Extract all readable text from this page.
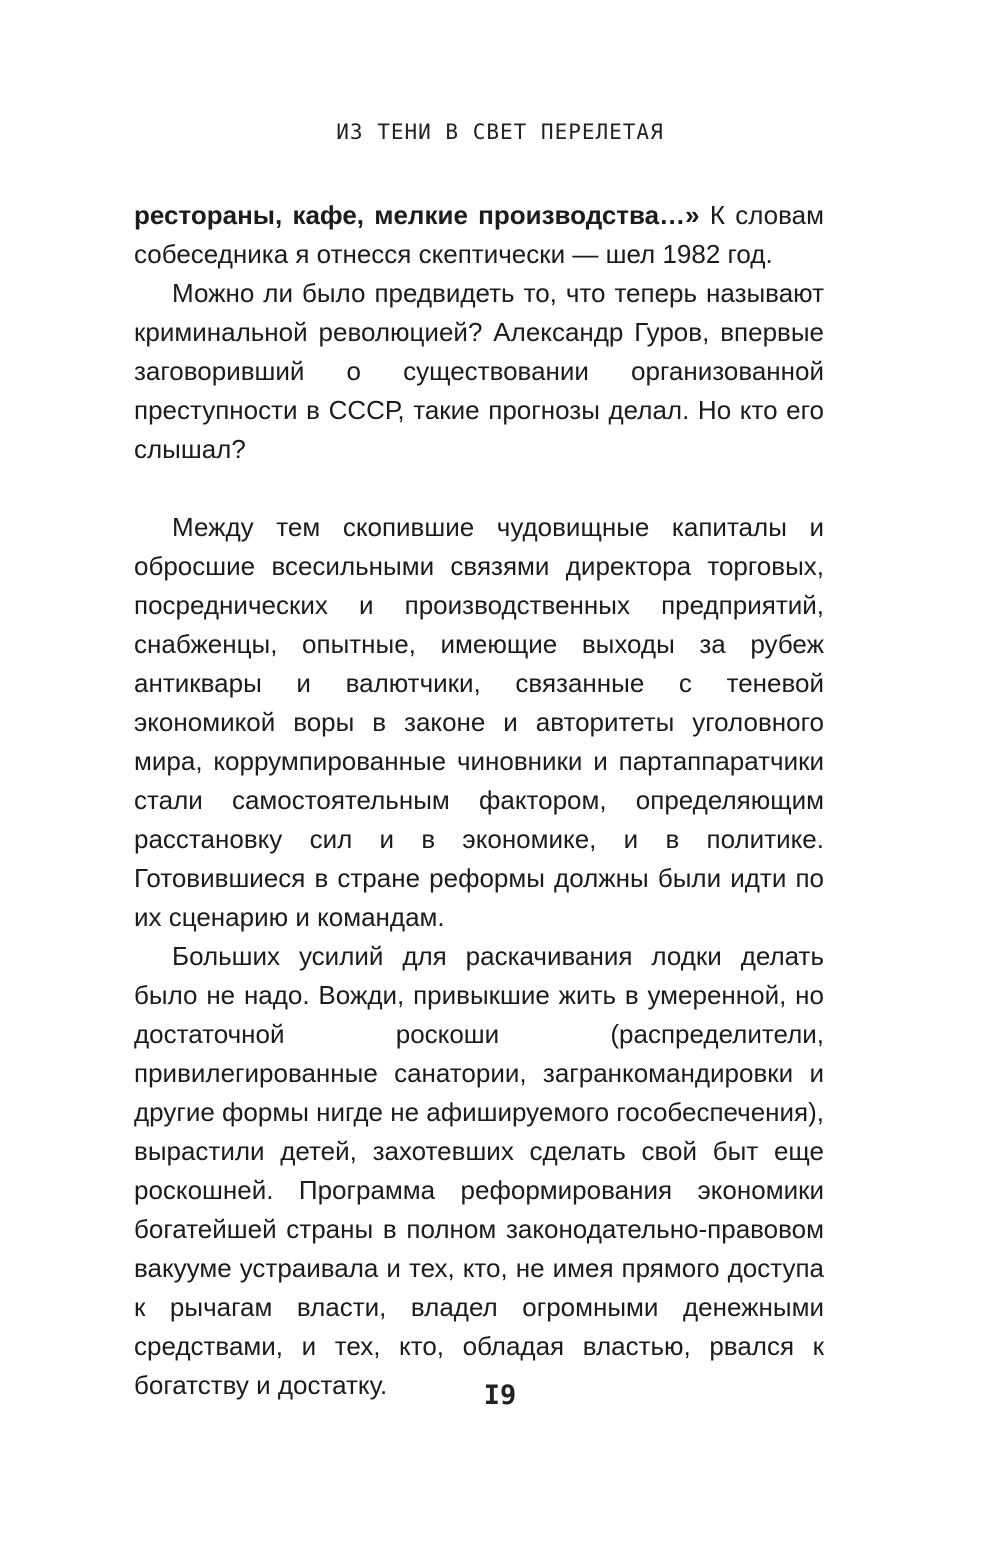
ИЗ ТЕНИ В СВЕТ ПЕРЕЛЕТАЯ

рестораны, кафе, мелкие производства…» К словам собеседника я отнесся скептически — шел 1982 год.

Можно ли было предвидеть то, что теперь называют криминальной революцией? Александр Гуров, впервые заговоривший о существовании организованной преступности в СССР, такие прогнозы делал. Но кто его слышал?

Между тем скопившие чудовищные капиталы и обросшие всесильными связями директора торговых, посреднических и производственных предприятий, снабженцы, опытные, имеющие выходы за рубеж антиквары и валютчики, связанные с теневой экономикой воры в законе и авторитеты уголовного мира, коррумпированные чиновники и партаппаратчики стали самостоятельным фактором, определяющим расстановку сил и в экономике, и в политике. Готовившиеся в стране реформы должны были идти по их сценарию и командам.

Больших усилий для раскачивания лодки делать было не надо. Вожди, привыкшие жить в умеренной, но достаточной роскоши (распределители, привилегированные санатории, загранкомандировки и другие формы нигде не афишируемого гособеспечения), вырастили детей, захотевших сделать свой быт еще роскошней. Программа реформирования экономики богатейшей страны в полном законодательно-правовом вакууме устраивала и тех, кто, не имея прямого доступа к рычагам власти, владел огромными денежными средствами, и тех, кто, обладая властью, рвался к богатству и достатку.	I9
